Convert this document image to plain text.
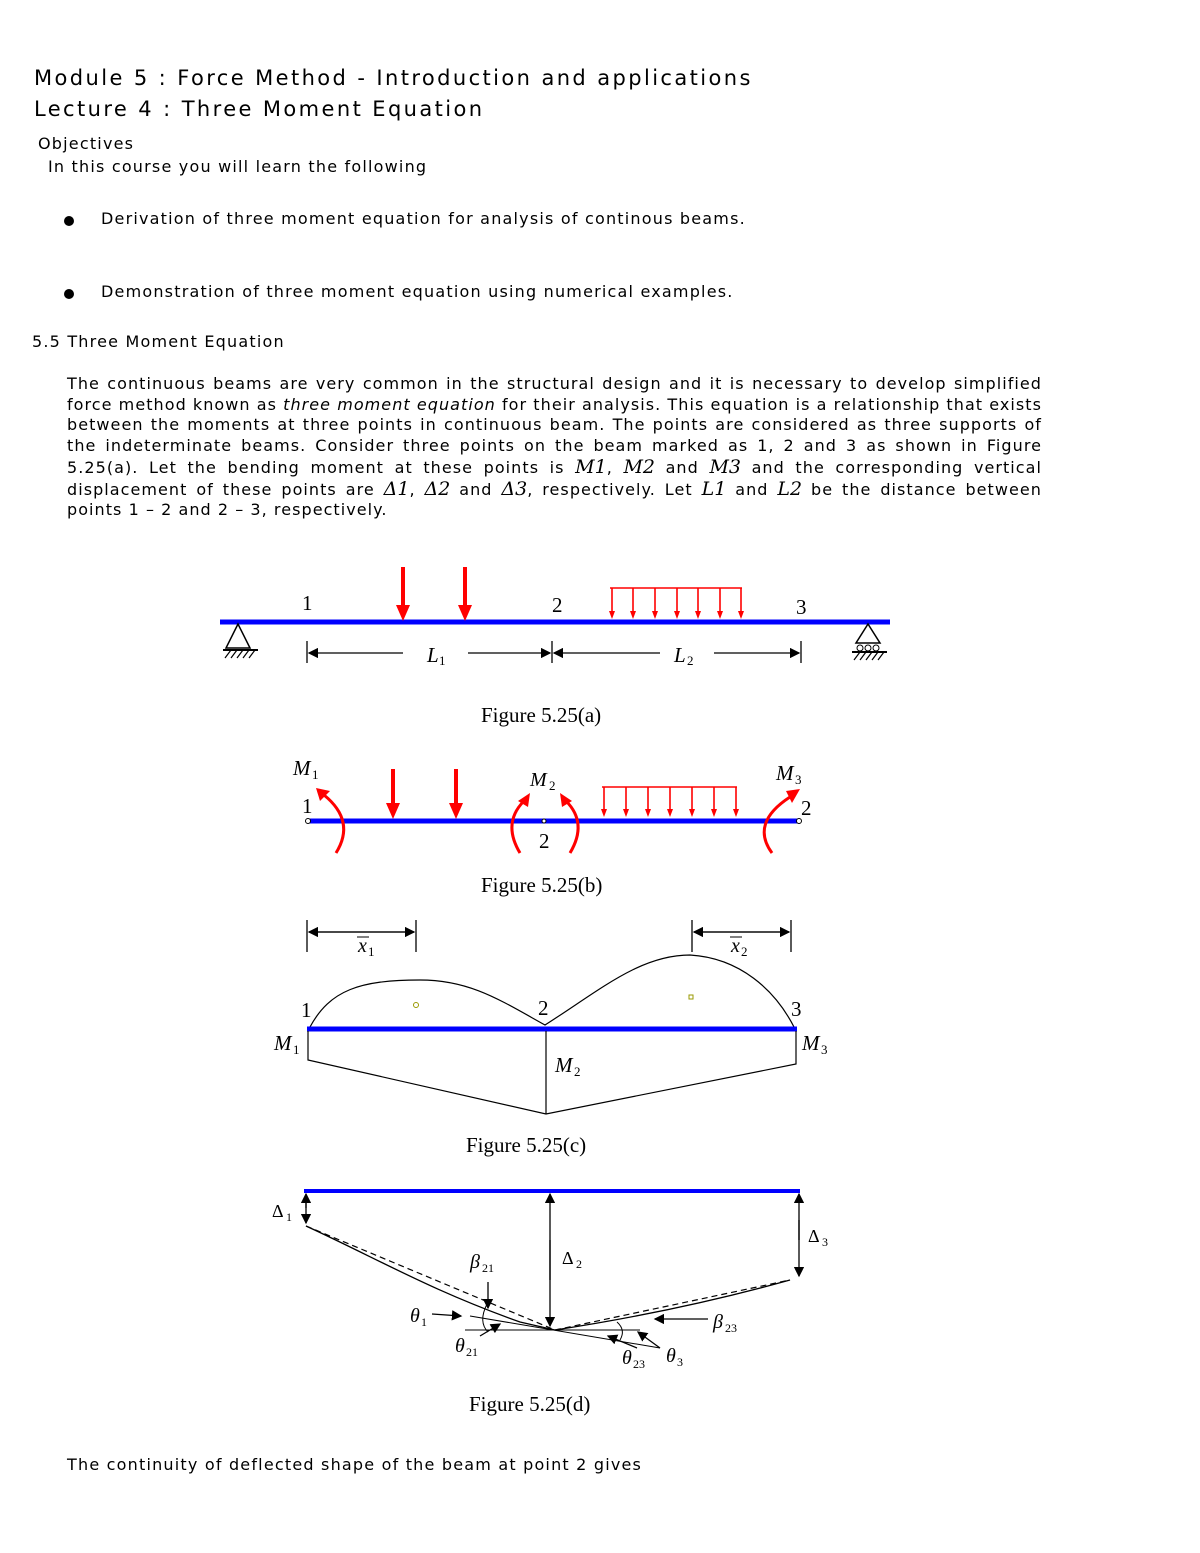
Module 5 : Force Method - Introduction and applications
Lecture 4 : Three Moment Equation
Objectives
In this course you will learn the following
Derivation of three moment equation for analysis of continous beams.
Demonstration of three moment equation using numerical examples.
5.5 Three Moment Equation
The continuous beams are very common in the structural design and it is necessary to develop simplified force method known as three moment equation for their analysis. This equation is a relationship that exists between the moments at three points in continuous beam. The points are considered as three supports of the indeterminate beams. Consider three points on the beam marked as 1, 2 and 3 as shown in Figure 5.25(a). Let the bending moment at these points is M1, M2 and M3 and the corresponding vertical displacement of these points are Δ1, Δ2 and Δ3, respectively. Let L1 and L2 be the distance between points 1 – 2 and 2 – 3, respectively.
1	2	3
L 1	L 2
Figure 5.25(a)
M 1	M 2
M 3
1
2
2
Figure 5.25(b)
x 1	x 2
1	2	3
M 1
M 2
M 3
Figure 5.25(c)
Δ 1
Δ 2
Δ 3
β 21
θ 1
θ 21	θ 23 θ 3
β 23
Figure 5.25(d)
The continuity of deflected shape of the beam at point 2 gives
